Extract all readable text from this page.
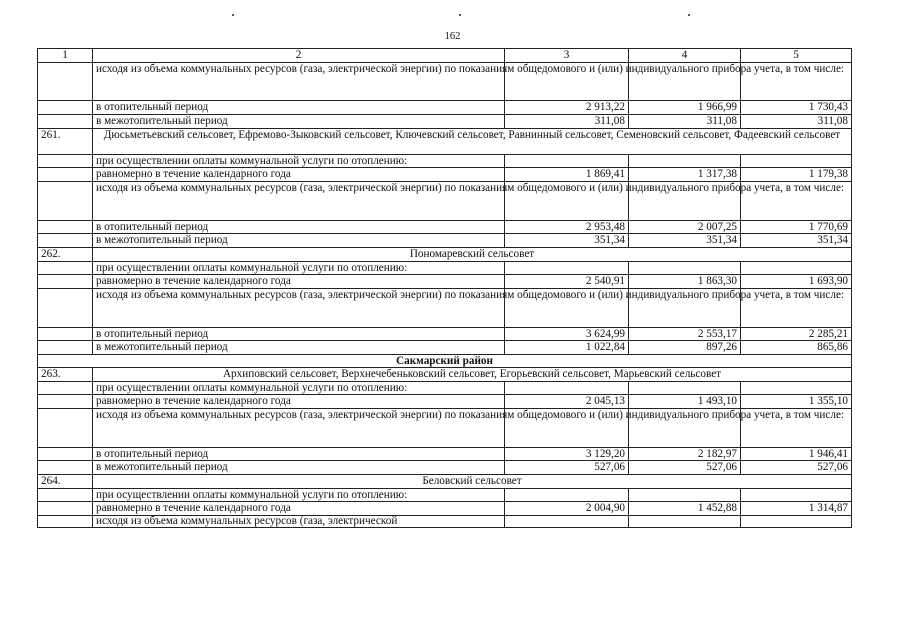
162
1	2	3	4	5
	исходя из объема коммунальных ресурсов (газа, электрической энергии) по показаниям общедомового и (или) индивидуального прибора учета, в том числе:			
	в отопительный период	2 913,22	1 966,99	1 730,43
	в межотопительный период	311,08	311,08	311,08
261.	Дюсьметьевский сельсовет, Ефремово-Зыковский сельсовет, Ключевский сельсовет, Равнинный сельсовет, Семеновский сельсовет, Фадеевский сельсовет			
	при осуществлении оплаты коммунальной услуги по отоплению:			
	равномерно в течение календарного года	1 869,41	1 317,38	1 179,38
	исходя из объема коммунальных ресурсов (газа, электрической энергии) по показаниям общедомового и (или) индивидуального прибора учета, в том числе:			
	в отопительный период	2 953,48	2 007,25	1 770,69
	в межотопительный период	351,34	351,34	351,34
262.	Пономаревский сельсовет			
	при осуществлении оплаты коммунальной услуги по отоплению:			
	равномерно в течение календарного года	2 540,91	1 863,30	1 693,90
	исходя из объема коммунальных ресурсов (газа, электрической энергии) по показаниям общедомового и (или) индивидуального прибора учета, в том числе:			
	в отопительный период	3 624,99	2 553,17	2 285,21
	в межотопительный период	1 022,84	897,26	865,86
Сакмарский район				
263.	Архиповский сельсовет, Верхнечебеньковский сельсовет, Егорьевский сельсовет, Марьевский сельсовет			
	при осуществлении оплаты коммунальной услуги по отоплению:			
	равномерно в течение календарного года	2 045,13	1 493,10	1 355,10
	исходя из объема коммунальных ресурсов (газа, электрической энергии) по показаниям общедомового и (или) индивидуального прибора учета, в том числе:			
	в отопительный период	3 129,20	2 182,97	1 946,41
	в межотопительный период	527,06	527,06	527,06
264.	Беловский сельсовет			
	при осуществлении оплаты коммунальной услуги по отоплению:			
	равномерно в течение календарного года	2 004,90	1 452,88	1 314,87
	исходя из объема коммунальных ресурсов (газа, электрической			
